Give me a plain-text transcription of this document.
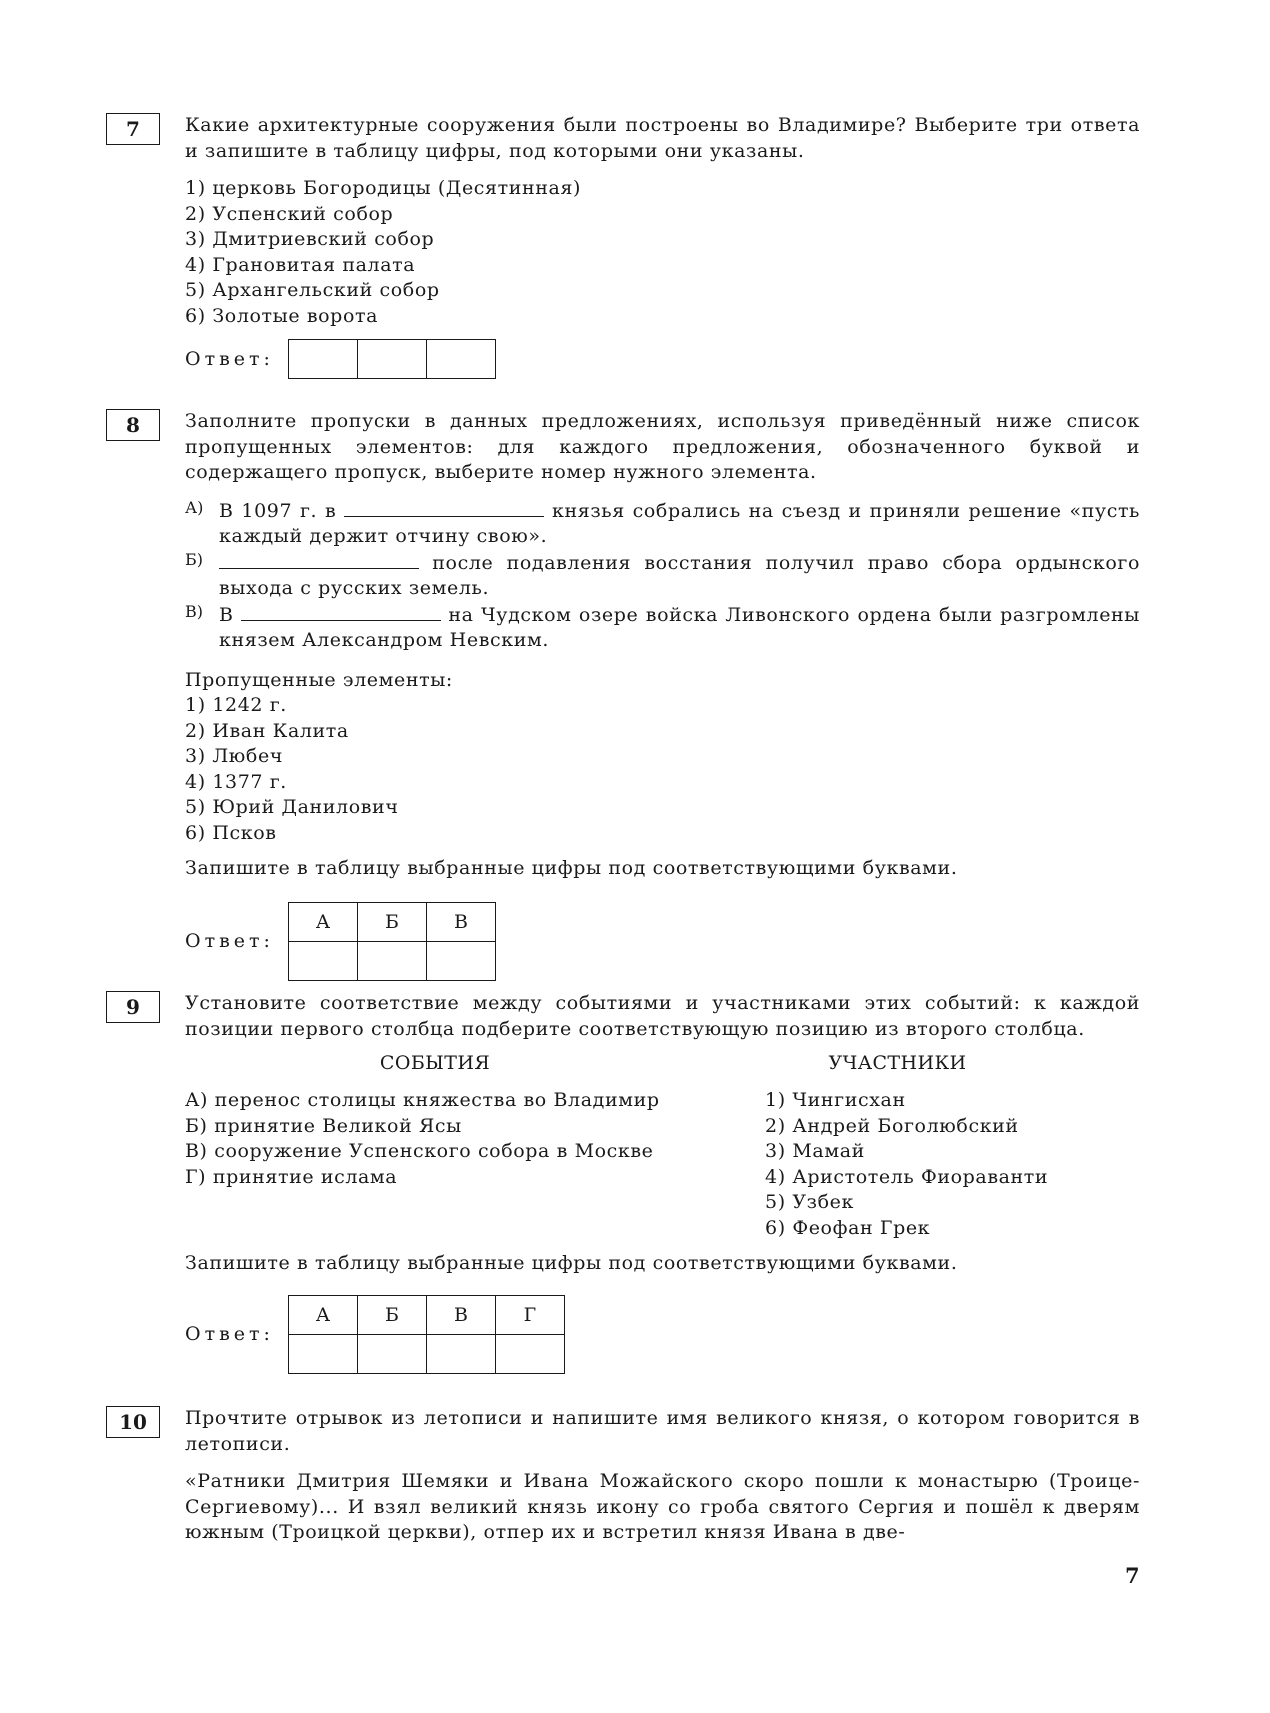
7	Какие архитектурные сооружения были построены во Владимире? Выберите три ответа и запишите в таблицу цифры, под которыми они указаны.

1) церковь Богородицы (Десятинная)
2) Успенский собор
3) Дмитриевский собор
4) Грановитая палата
5) Архангельский собор
6) Золотые ворота
Ответ:

8	Заполните пропуски в данных предложениях, используя приведённый ниже список пропущенных элементов: для каждого предложения, обозначенного буквой и содержащего пропуск, выберите номер нужного элемента.

А) В 1097 г. в	князья собрались на съезд и приняли решение «пусть каждый держит отчину свою».

Б)	после подавления восстания получил право сбора ордынского выхода с русских земель.

В) В	на Чудском озере войска Ливонского ордена были разгромлены князем Александром Невским.

Пропущенные элементы:

1) 1242 г.
2) Иван Калита
3) Любеч
4) 1377 г.
5) Юрий Данилович
6) Псков

Запишите в таблицу выбранные цифры под соответствующими буквами.

Ответ:
А	Б	В

9	Установите соответствие между событиями и участниками этих событий: к каждой позиции первого столбца подберите соответствующую позицию из второго столбца.

СОБЫТИЯ
А) перенос столицы княжества во Владимир
Б) принятие Великой Ясы
В) сооружение Успенского собора в Москве
Г) принятие ислама
УЧАСТНИКИ
1) Чингисхан
2) Андрей Боголюбский
3) Мамай
4) Аристотель Фиораванти
5) Узбек
6) Феофан Грек

Запишите в таблицу выбранные цифры под соответствующими буквами.

Ответ:
А	Б	В	Г

10	Прочтите отрывок из летописи и напишите имя великого князя, о котором говорится в летописи.

«Ратники Дмитрия Шемяки и Ивана Можайского скоро пошли к монастырю (Троице-Сергиевому)... И взял великий князь икону со гроба святого Сергия и пошёл к дверям южным (Троицкой церкви), отпер их и встретил князя Ивана в две-

7
